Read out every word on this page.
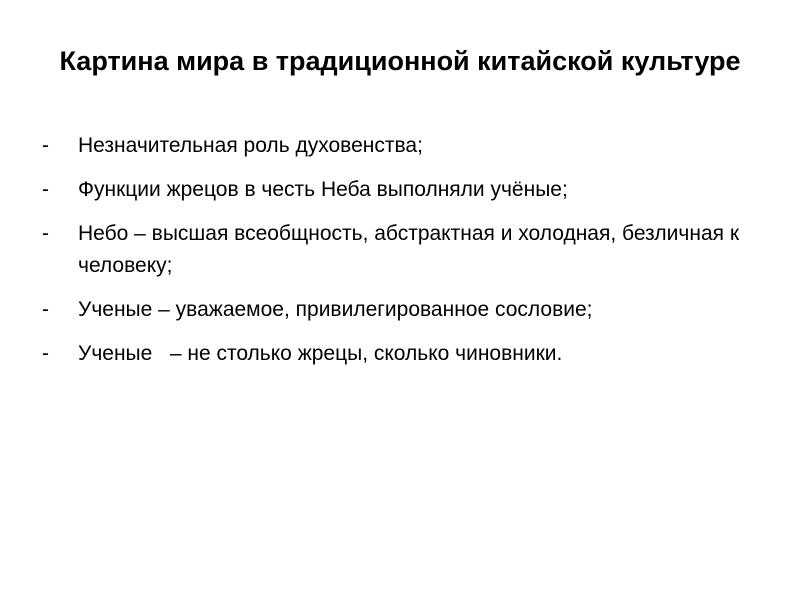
Картина мира в традиционной китайской культуре
-	Незначительная роль духовенства;
-	Функции жрецов в честь Неба выполняли учёные;
-	Небо – высшая всеобщность, абстрактная и холодная, безличная к человеку;
-	Ученые – уважаемое, привилегированное сословие;
-	Ученые   – не столько жрецы, сколько чиновники.
